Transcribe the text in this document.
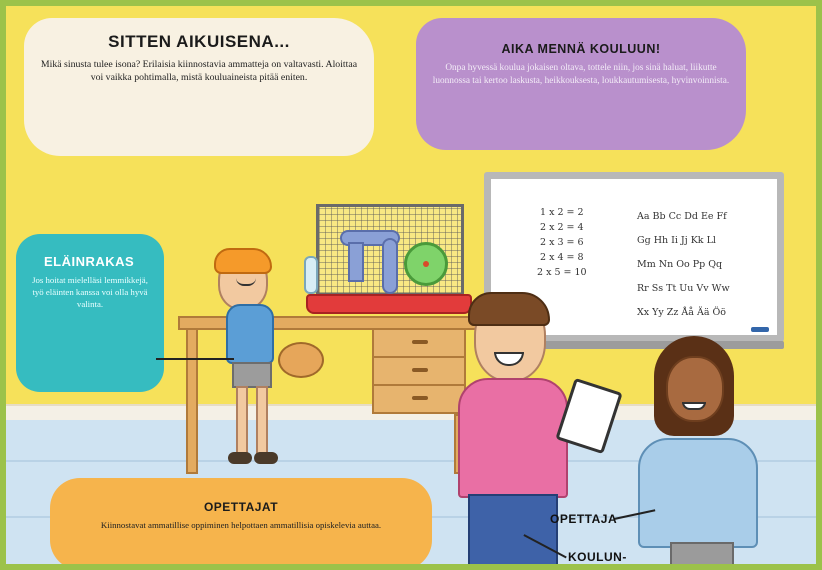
1 x 2 = 2
2 x 2 = 4
2 x 3 = 6
2 x 4 = 8
2 x 5 = 10
Aa Bb Cc Dd Ee Ff
Gg Hh Ii Jj Kk Ll
Mm Nn Oo Pp Qq
Rr Ss Tt Uu Vv Ww
Xx Yy Zz Åå Ää Öö
SITTEN AIKUISENA...

Mikä sinusta tulee isona? Erilaisia kiinnostavia ammatteja on valtavasti. Aloittaa voi vaikka pohtimalla, mistä kouluaineista pitää eniten.

AIKA MENNÄ KOULUUN!

Onpa hyvessä koulua jokaisen oltava, tottele niin, jos sinä haluat, liikutte luonnossa tai kertoo laskusta, heikkouksesta, loukkautumisesta, hyvinvoinnista.

ELÄINRAKAS

Jos hoitat mielelläsi lemmikkejä, työ eläinten kanssa voi olla hyvä valinta.

OPETTAJAT

Kiinnostavat ammatillise oppiminen helpottaen ammatillisia opiskelevia auttaa.	OPETTAJA
KOULUN-
